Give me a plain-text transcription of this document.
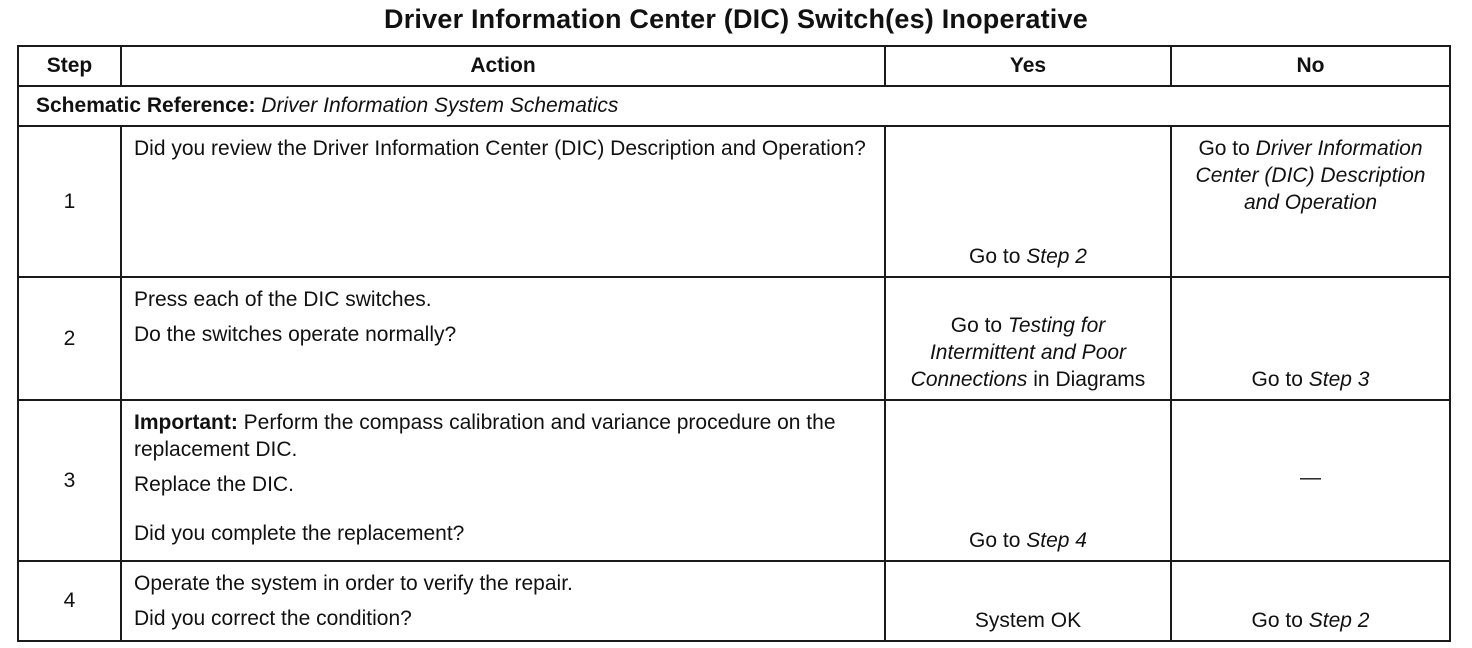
Driver Information Center (DIC) Switch(es) Inoperative
Step	Action	Yes	No
Schematic Reference: Driver Information System Schematics			
1	Did you review the Driver Information Center (DIC) Description and Operation?	Go to Step 2	Go to Driver Information Center (DIC) Description and Operation
2	Press each of the DIC switches.

Do the switches operate normally?	Go to Testing for Intermittent and Poor Connections in Diagrams	Go to Step 3
3	Important: Perform the compass calibration and variance procedure on the replacement DIC.

Replace the DIC.

Did you complete the replacement?	Go to Step 4	—
4	Operate the system in order to verify the repair.

Did you correct the condition?	System OK	Go to Step 2
